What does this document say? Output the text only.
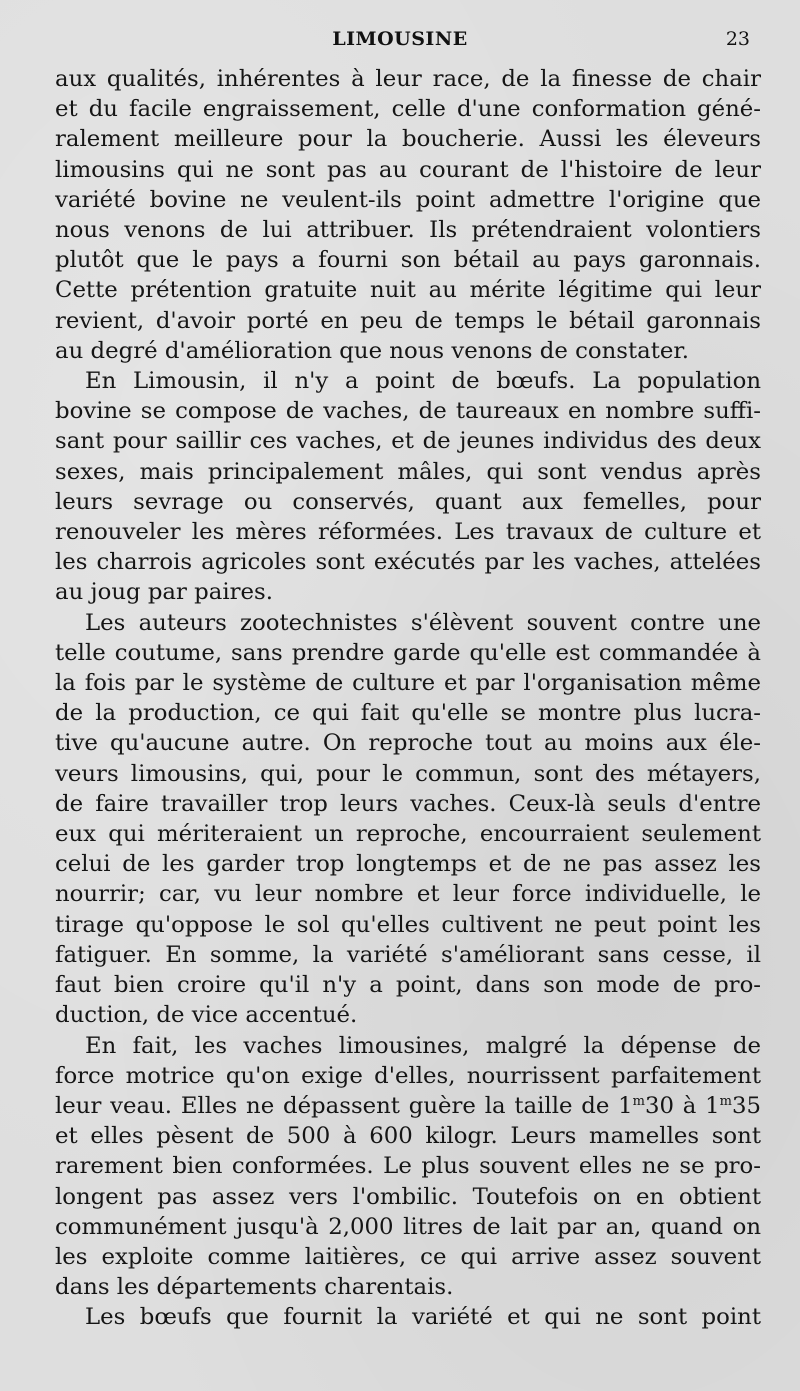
LIMOUSINE	23
aux qualités, inhérentes à leur race, de la finesse de chair
et du facile engraissement, celle d'une conformation géné-
ralement meilleure pour la boucherie. Aussi les éleveurs
limousins qui ne sont pas au courant de l'histoire de leur
variété bovine ne veulent-ils point admettre l'origine que
nous venons de lui attribuer. Ils prétendraient volontiers
plutôt que le pays a fourni son bétail au pays garonnais.
Cette prétention gratuite nuit au mérite légitime qui leur
revient, d'avoir porté en peu de temps le bétail garonnais
au degré d'amélioration que nous venons de constater.
En Limousin, il n'y a point de bœufs. La population
bovine se compose de vaches, de taureaux en nombre suffi-
sant pour saillir ces vaches, et de jeunes individus des deux
sexes, mais principalement mâles, qui sont vendus après
leurs sevrage ou conservés, quant aux femelles, pour
renouveler les mères réformées. Les travaux de culture et
les charrois agricoles sont exécutés par les vaches, attelées
au joug par paires.
Les auteurs zootechnistes s'élèvent souvent contre une
telle coutume, sans prendre garde qu'elle est commandée à
la fois par le système de culture et par l'organisation même
de la production, ce qui fait qu'elle se montre plus lucra-
tive qu'aucune autre. On reproche tout au moins aux éle-
veurs limousins, qui, pour le commun, sont des métayers,
de faire travailler trop leurs vaches. Ceux-là seuls d'entre
eux qui mériteraient un reproche, encourraient seulement
celui de les garder trop longtemps et de ne pas assez les
nourrir; car, vu leur nombre et leur force individuelle, le
tirage qu'oppose le sol qu'elles cultivent ne peut point les
fatiguer. En somme, la variété s'améliorant sans cesse, il
faut bien croire qu'il n'y a point, dans son mode de pro-
duction, de vice accentué.
En fait, les vaches limousines, malgré la dépense de
force motrice qu'on exige d'elles, nourrissent parfaitement
leur veau. Elles ne dépassent guère la taille de 1$^m$30 à 1$^m$35
et elles pèsent de 500 à 600 kilogr. Leurs mamelles sont
rarement bien conformées. Le plus souvent elles ne se pro-
longent pas assez vers l'ombilic. Toutefois on en obtient
communément jusqu'à 2,000 litres de lait par an, quand on
les exploite comme laitières, ce qui arrive assez souvent
dans les départements charentais.
Les bœufs que fournit la variété et qui ne sont point
